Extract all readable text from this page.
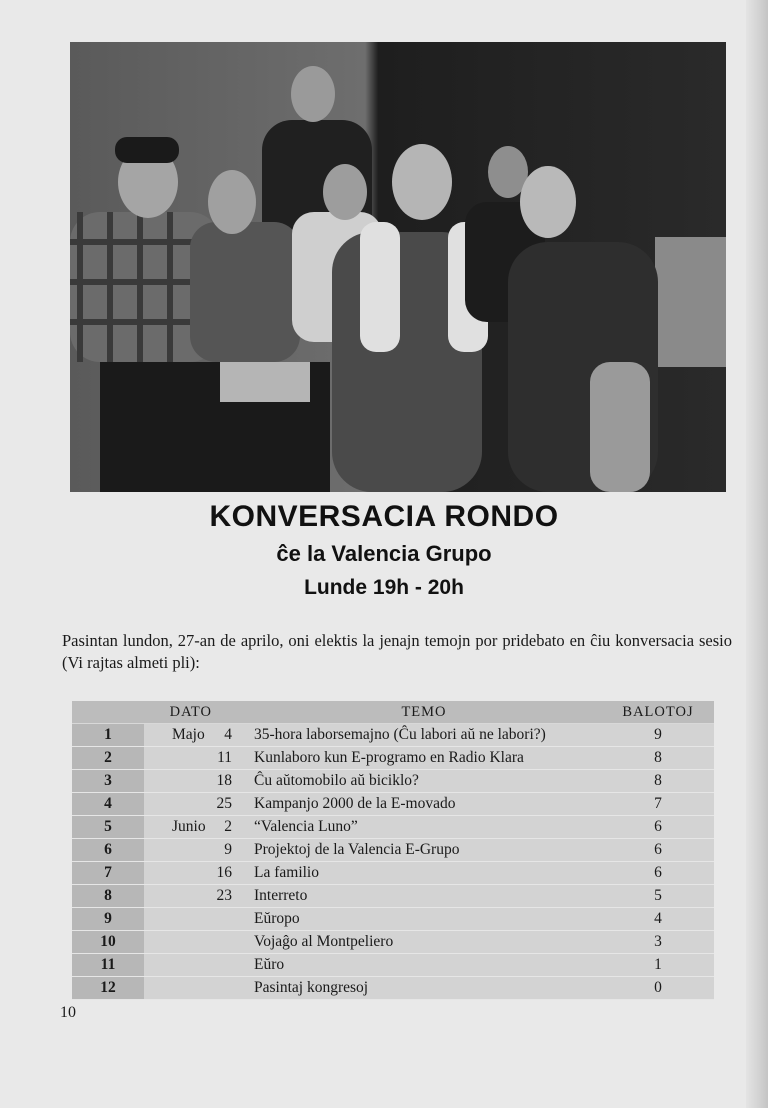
KONVERSACIA RONDO
ĉe la Valencia Grupo
Lunde 19h - 20h

Pasintan lundon, 27-an de aprilo, oni elektis la jenajn temojn por pridebato en ĉiu konversacia sesio (Vi rajtas almeti pli):

DATO			TEMO	BALOTOJ
1	Majo	4	35-hora laborsemajno (Ĉu labori aŭ ne labori?)	9
2		11	Kunlaboro kun E-programo en Radio Klara	8
3		18	Ĉu aŭtomobilo aŭ biciklo?	8
4		25	Kampanjo 2000 de la E-movado	7
5	Junio	2	“Valencia Luno”	6
6		9	Projektoj de la Valencia E-Grupo	6
7		16	La familio	6
8		23	Interreto	5
9			Eŭropo	4
10			Vojaĝo al Montpeliero	3
11			Eŭro	1
12			Pasintaj kongresoj	0
10
